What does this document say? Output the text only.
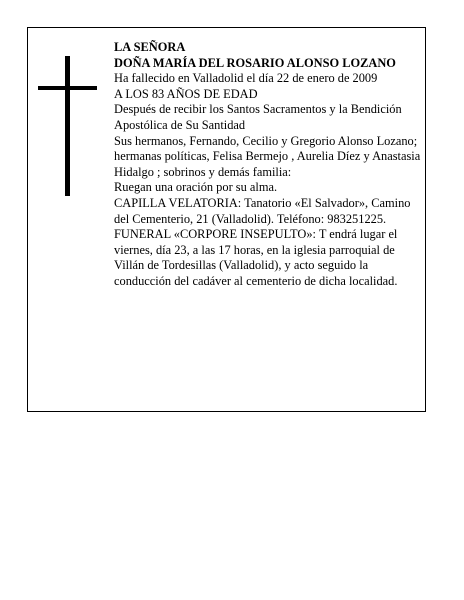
LA SEÑORA

DOÑA MARÍA DEL ROSARIO ALONSO LOZANO

Ha fallecido en Valladolid el día 22 de enero de 2009

A LOS 83 AÑOS DE EDAD

Después de recibir los Santos Sacramentos y la Bendición Apostólica de Su Santidad

Sus hermanos, Fernando, Cecilio y Gregorio Alonso Lozano; hermanas políticas, Felisa Bermejo , Aurelia Díez y Anastasia Hidalgo ; sobrinos y demás familia:

Ruegan una oración por su alma.

CAPILLA VELATORIA: Tanatorio «El Salvador», Camino del Cementerio, 21 (Valladolid). Teléfono: 983251225.

FUNERAL «CORPORE INSEPULTO»: T endrá lugar el viernes, día 23, a las 17 horas, en la iglesia parroquial de Villán de Tordesillas (Valladolid), y acto seguido la conducción del cadáver al cementerio de dicha localidad.
